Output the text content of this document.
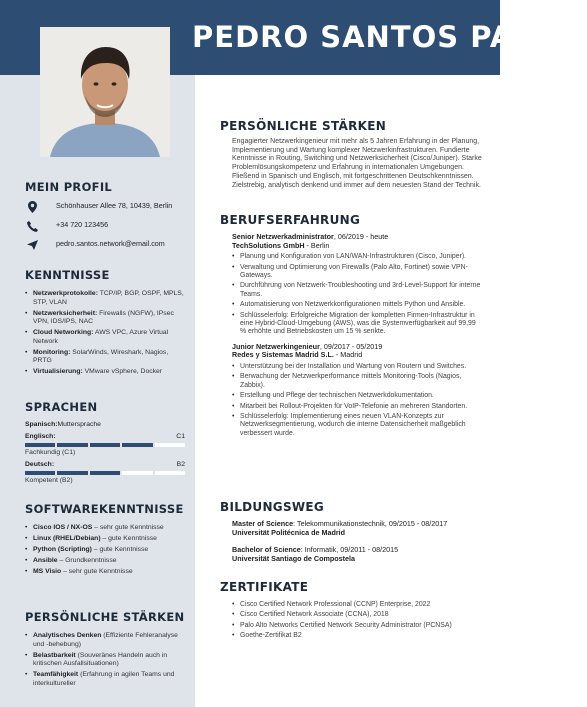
PEDRO SANTOS PARDO
MEIN PROFIL
Schönhauser Allee 78, 10439, Berlin
+34 720 123456
pedro.santos.network@email.com
KENNTNISSE
• Netzwerkprotokolle: TCP/IP, BGP, OSPF, MPLS, STP, VLAN
• Netzwerksicherheit: Firewalls (NGFW), IPsec VPN, IDS/IPS, NAC
• Cloud Networking: AWS VPC, Azure Virtual Network
• Monitoring: SolarWinds, Wireshark, Nagios, PRTG
• Virtualisierung: VMware vSphere, Docker
SPRACHEN
Spanisch: Muttersprache
Englisch:	C1
Fachkundig (C1)
Deutsch:	B2
Kompetent (B2)
SOFTWAREKENNTNISSE
• Cisco IOS / NX-OS – sehr gute Kenntnisse
• Linux (RHEL/Debian) – gute Kenntnisse
• Python (Scripting) – gute Kenntnisse
• Ansible – Grundkenntnisse
• MS Visio – sehr gute Kenntnisse
PERSÖNLICHE STÄRKEN
• Analytisches Denken (Effiziente Fehleranalyse und -behebung)
• Belastbarkeit (Souveränes Handeln auch in kritischen Ausfallsituationen)
• Teamfähigkeit (Erfahrung in agilen Teams und interkultureller
PERSÖNLICHE STÄRKEN

Engagierter Netzwerkingenieur mit mehr als 5 Jahren Erfahrung in der Planung, Implementierung und Wartung komplexer Netzwerkinfrastrukturen. Fundierte Kenntnisse in Routing, Switching und Netzwerksicherheit (Cisco/Juniper). Starke Problemlösungskompetenz und Erfahrung in internationalen Umgebungen. Fließend in Spanisch und Englisch, mit fortgeschrittenen Deutschkenntnissen. Zielstrebig, analytisch denkend und immer auf dem neuesten Stand der Technik.

BERUFSERFAHRUNG
Senior Netzwerkadministrator, 06/2019 - heute
TechSolutions GmbH - Berlin
• Planung und Konfiguration von LAN/WAN-Infrastrukturen (Cisco, Juniper).
• Verwaltung und Optimierung von Firewalls (Palo Alto, Fortinet) sowie VPN-Gateways.
• Durchführung von Netzwerk-Troubleshooting und 3rd-Level-Support für interne Teams.
• Automatisierung von Netzwerkkonfigurationen mittels Python und Ansible.
• Schlüsselerfolg: Erfolgreiche Migration der kompletten Firmen-Infrastruktur in eine Hybrid-Cloud-Umgebung (AWS), was die Systemverfügbarkeit auf 99,99 % erhöhte und Betriebskosten um 15 % senkte.
Junior Netzwerkingenieur, 09/2017 - 05/2019
Redes y Sistemas Madrid S.L. - Madrid
• Unterstützung bei der Installation und Wartung von Routern und Switches.
• Berwachung der Netzwerkperformance mittels Monitoring-Tools (Nagios, Zabbix).
• Erstellung und Pflege der technischen Netzwerkdokumentation.
• Mitarbeit bei Rollout-Projekten für VoIP-Telefonie an mehreren Standorten.
• Schlüsselerfolg: Implementierung eines neuen VLAN-Konzepts zur Netzwerksegmentierung, wodurch die interne Datensicherheit maßgeblich verbessert wurde.
BILDUNGSWEG
Master of Science: Telekommunikationstechnik, 09/2015 - 08/2017
Universität Politécnica de Madrid
Bachelor of Science: Informatik, 09/2011 - 08/2015
Universität Santiago de Compostela
ZERTIFIKATE
• Cisco Certified Network Professional (CCNP) Enterprise, 2022
• Cisco Certified Network Associate (CCNA), 2018
• Palo Alto Networks Certified Network Security Administrator (PCNSA)
• Goethe-Zertifikat B2
